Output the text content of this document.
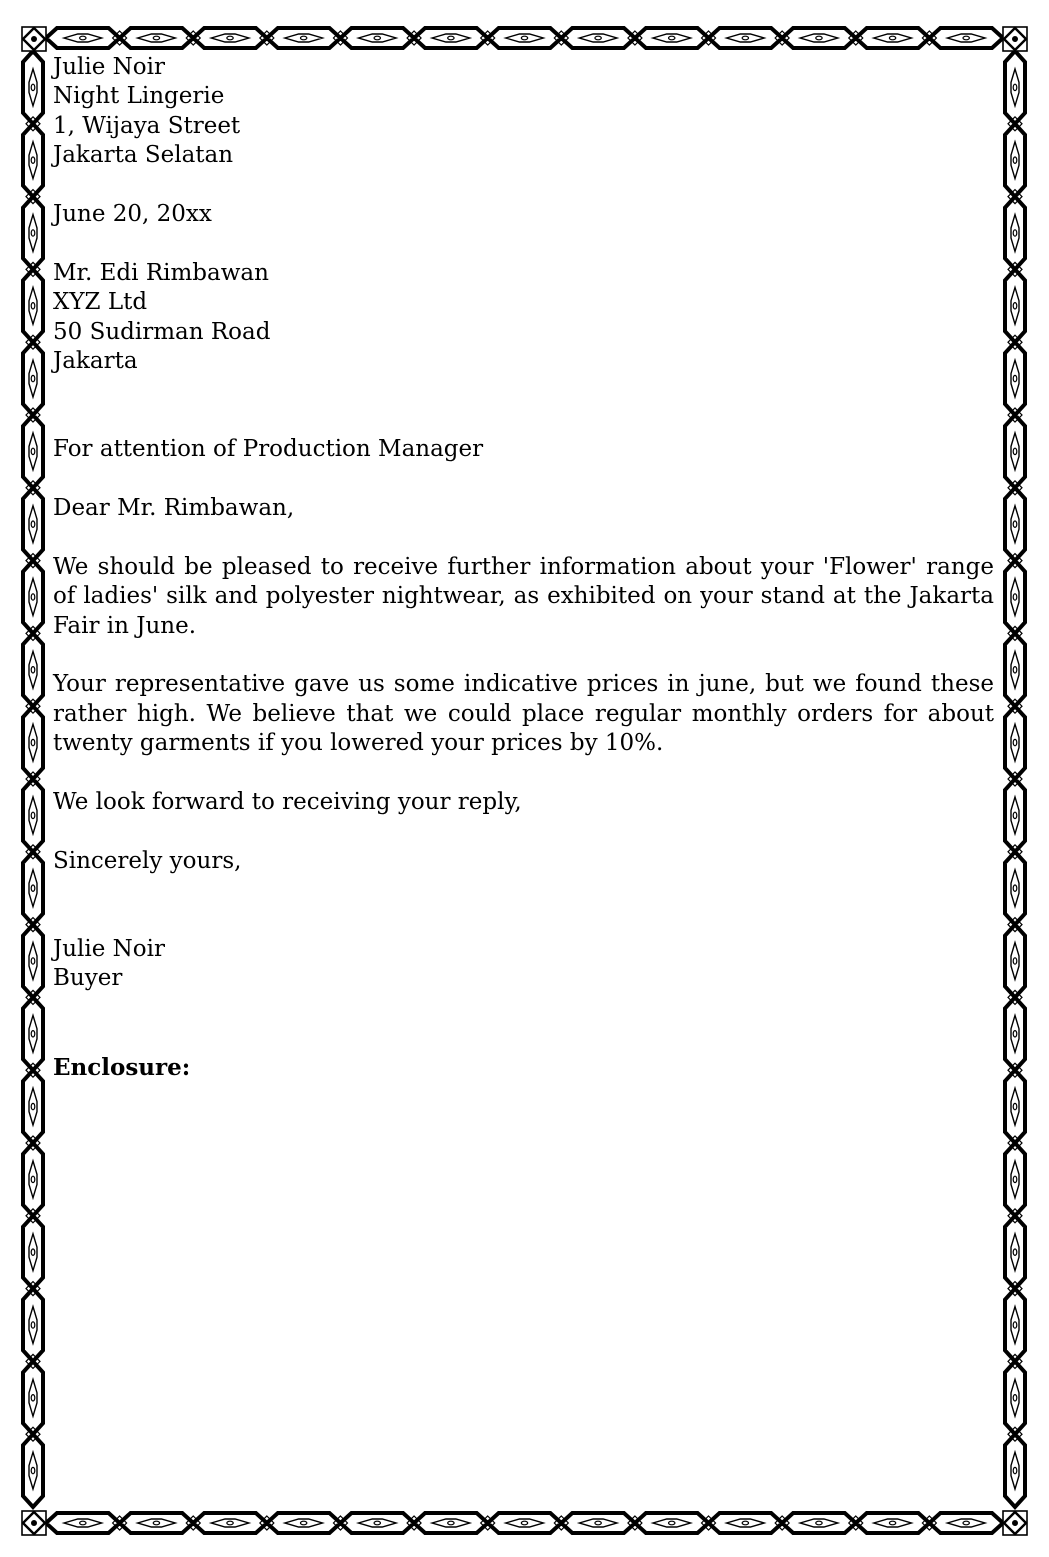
Julie Noir
Night Lingerie
1, Wijaya Street
Jakarta Selatan
June 20, 20xx
Mr. Edi Rimbawan
XYZ Ltd
50 Sudirman Road
Jakarta
For attention of Production Manager
Dear Mr. Rimbawan,

We should be pleased to receive further information about your 'Flower' range of ladies' silk and polyester nightwear, as exhibited on your stand at the Jakarta Fair in June.

Your representative gave us some indicative prices in june, but we found these rather high. We believe that we could place regular monthly orders for about twenty garments if you lowered your prices by 10%.

We look forward to receiving your reply,

Sincerely yours,
Julie Noir
Buyer
Enclosure:
